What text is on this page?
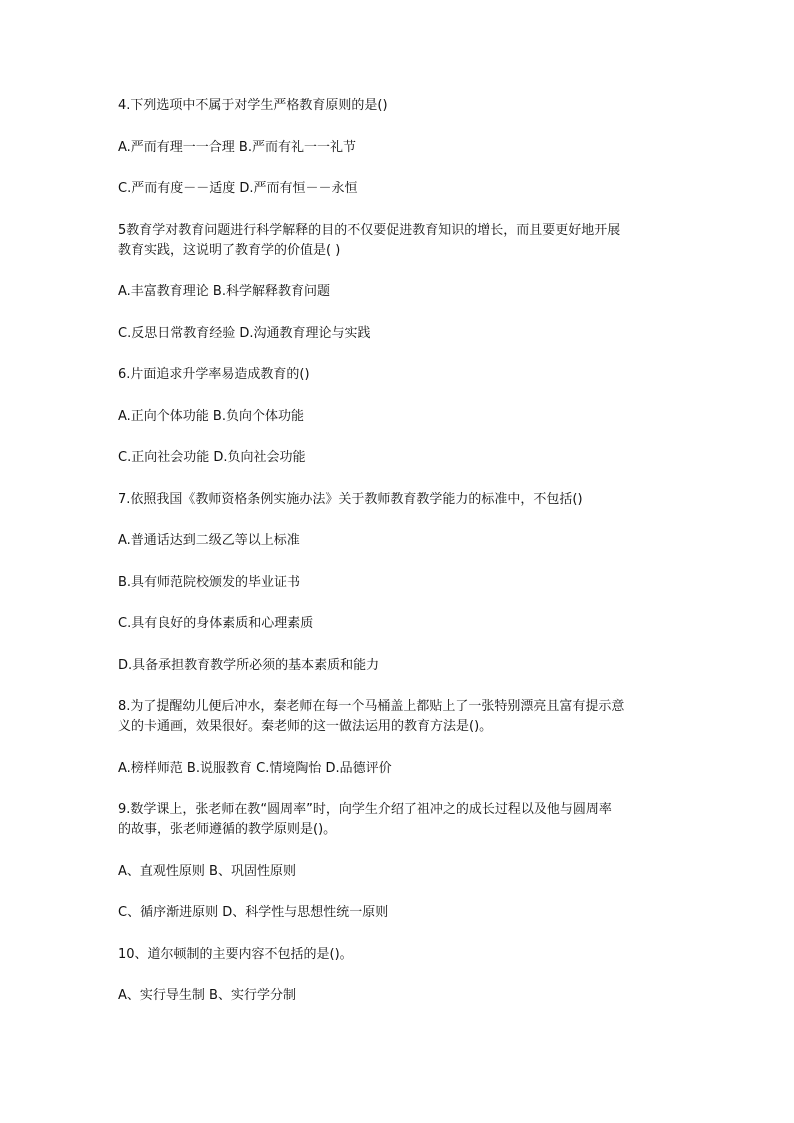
4.下列选项中不属于对学生严格教育原则的是()

A.严而有理一一合理 B.严而有礼一一礼节

C.严而有度－－适度 D.严而有恒－－永恒

5教育学对教育问题进行科学解释的目的不仅要促进教育知识的增长，而且要更好地开展

教育实践，这说明了教育学的价值是( )

A.丰富教育理论 B.科学解释教育问题

C.反思日常教育经验 D.沟通教育理论与实践

6.片面追求升学率易造成教育的()

A.正向个体功能 B.负向个体功能

C.正向社会功能 D.负向社会功能

7.依照我国《教师资格条例实施办法》关于教师教育教学能力的标准中，不包括()

A.普通话达到二级乙等以上标准

B.具有师范院校颁发的毕业证书

C.具有良好的身体素质和心理素质

D.具备承担教育教学所必须的基本素质和能力

8.为了提醒幼儿便后冲水，秦老师在每一个马桶盖上都贴上了一张特别漂亮且富有提示意

义的卡通画，效果很好。秦老师的这一做法运用的教育方法是()。

A.榜样师范 B.说服教育 C.情境陶怡 D.品德评价

9.数学课上，张老师在教“圆周率”时，向学生介绍了祖冲之的成长过程以及他与圆周率

的故事，张老师遵循的教学原则是()。

A、直观性原则 B、巩固性原则

C、循序渐进原则 D、科学性与思想性统一原则

10、道尔顿制的主要内容不包括的是()。

A、实行导生制 B、实行学分制
